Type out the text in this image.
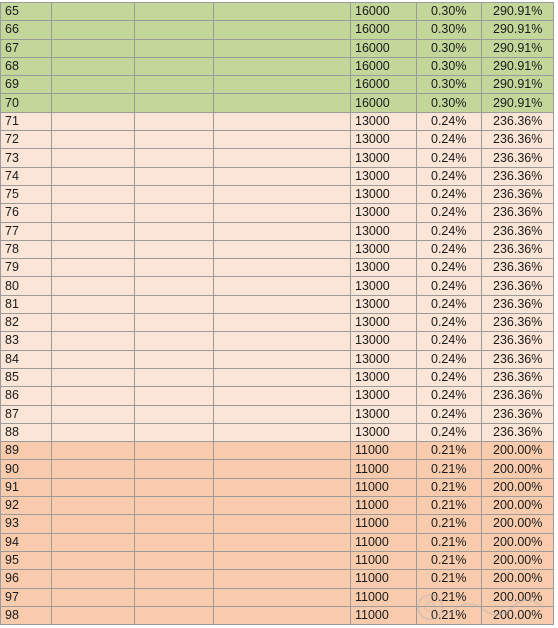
65				16000	0.30%	290.91%
66				16000	0.30%	290.91%
67				16000	0.30%	290.91%
68				16000	0.30%	290.91%
69				16000	0.30%	290.91%
70				16000	0.30%	290.91%
71				13000	0.24%	236.36%
72				13000	0.24%	236.36%
73				13000	0.24%	236.36%
74				13000	0.24%	236.36%
75				13000	0.24%	236.36%
76				13000	0.24%	236.36%
77				13000	0.24%	236.36%
78				13000	0.24%	236.36%
79				13000	0.24%	236.36%
80				13000	0.24%	236.36%
81				13000	0.24%	236.36%
82				13000	0.24%	236.36%
83				13000	0.24%	236.36%
84				13000	0.24%	236.36%
85				13000	0.24%	236.36%
86				13000	0.24%	236.36%
87				13000	0.24%	236.36%
88				13000	0.24%	236.36%
89				11000	0.21%	200.00%
90				11000	0.21%	200.00%
91				11000	0.21%	200.00%
92				11000	0.21%	200.00%
93				11000	0.21%	200.00%
94				11000	0.21%	200.00%
95				11000	0.21%	200.00%
96				11000	0.21%	200.00%
97				11000	0.21%	200.00%
98				11000	0.21%	200.00%
